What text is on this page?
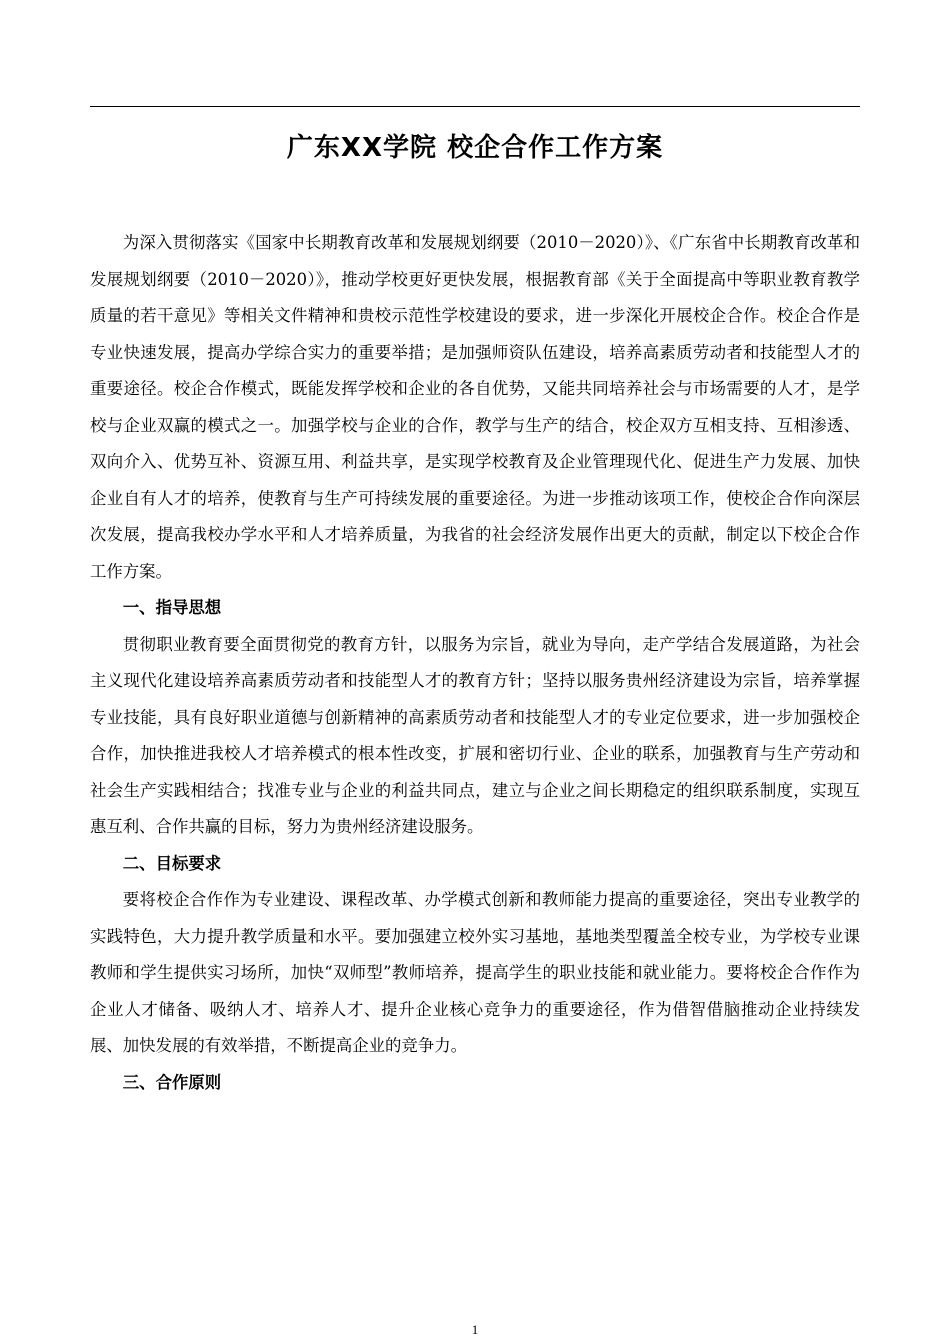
广东XX学院 校企合作工作方案

为深入贯彻落实《国家中长期教育改革和发展规划纲要（2010－2020）》、《广东省中长期教育改革和发展规划纲要（2010－2020）》，推动学校更好更快发展，根据教育部《关于全面提高中等职业教育教学质量的若干意见》等相关文件精神和贵校示范性学校建设的要求，进一步深化开展校企合作。校企合作是专业快速发展，提高办学综合实力的重要举措；是加强师资队伍建设，培养高素质劳动者和技能型人才的重要途径。校企合作模式，既能发挥学校和企业的各自优势，又能共同培养社会与市场需要的人才，是学校与企业双赢的模式之一。加强学校与企业的合作，教学与生产的结合，校企双方互相支持、互相渗透、双向介入、优势互补、资源互用、利益共享，是实现学校教育及企业管理现代化、促进生产力发展、加快企业自有人才的培养，使教育与生产可持续发展的重要途径。为进一步推动该项工作，使校企合作向深层次发展，提高我校办学水平和人才培养质量，为我省的社会经济发展作出更大的贡献，制定以下校企合作工作方案。

一、指导思想

贯彻职业教育要全面贯彻党的教育方针，以服务为宗旨，就业为导向，走产学结合发展道路，为社会主义现代化建设培养高素质劳动者和技能型人才的教育方针；坚持以服务贵州经济建设为宗旨，培养掌握专业技能，具有良好职业道德与创新精神的高素质劳动者和技能型人才的专业定位要求，进一步加强校企合作，加快推进我校人才培养模式的根本性改变，扩展和密切行业、企业的联系，加强教育与生产劳动和社会生产实践相结合；找准专业与企业的利益共同点，建立与企业之间长期稳定的组织联系制度，实现互惠互利、合作共赢的目标，努力为贵州经济建设服务。

二、目标要求

要将校企合作作为专业建设、课程改革、办学模式创新和教师能力提高的重要途径，突出专业教学的实践特色，大力提升教学质量和水平。要加强建立校外实习基地，基地类型覆盖全校专业，为学校专业课教师和学生提供实习场所，加快“双师型”教师培养，提高学生的职业技能和就业能力。要将校企合作作为企业人才储备、吸纳人才、培养人才、提升企业核心竞争力的重要途径，作为借智借脑推动企业持续发展、加快发展的有效举措，不断提高企业的竞争力。

三、合作原则
1
